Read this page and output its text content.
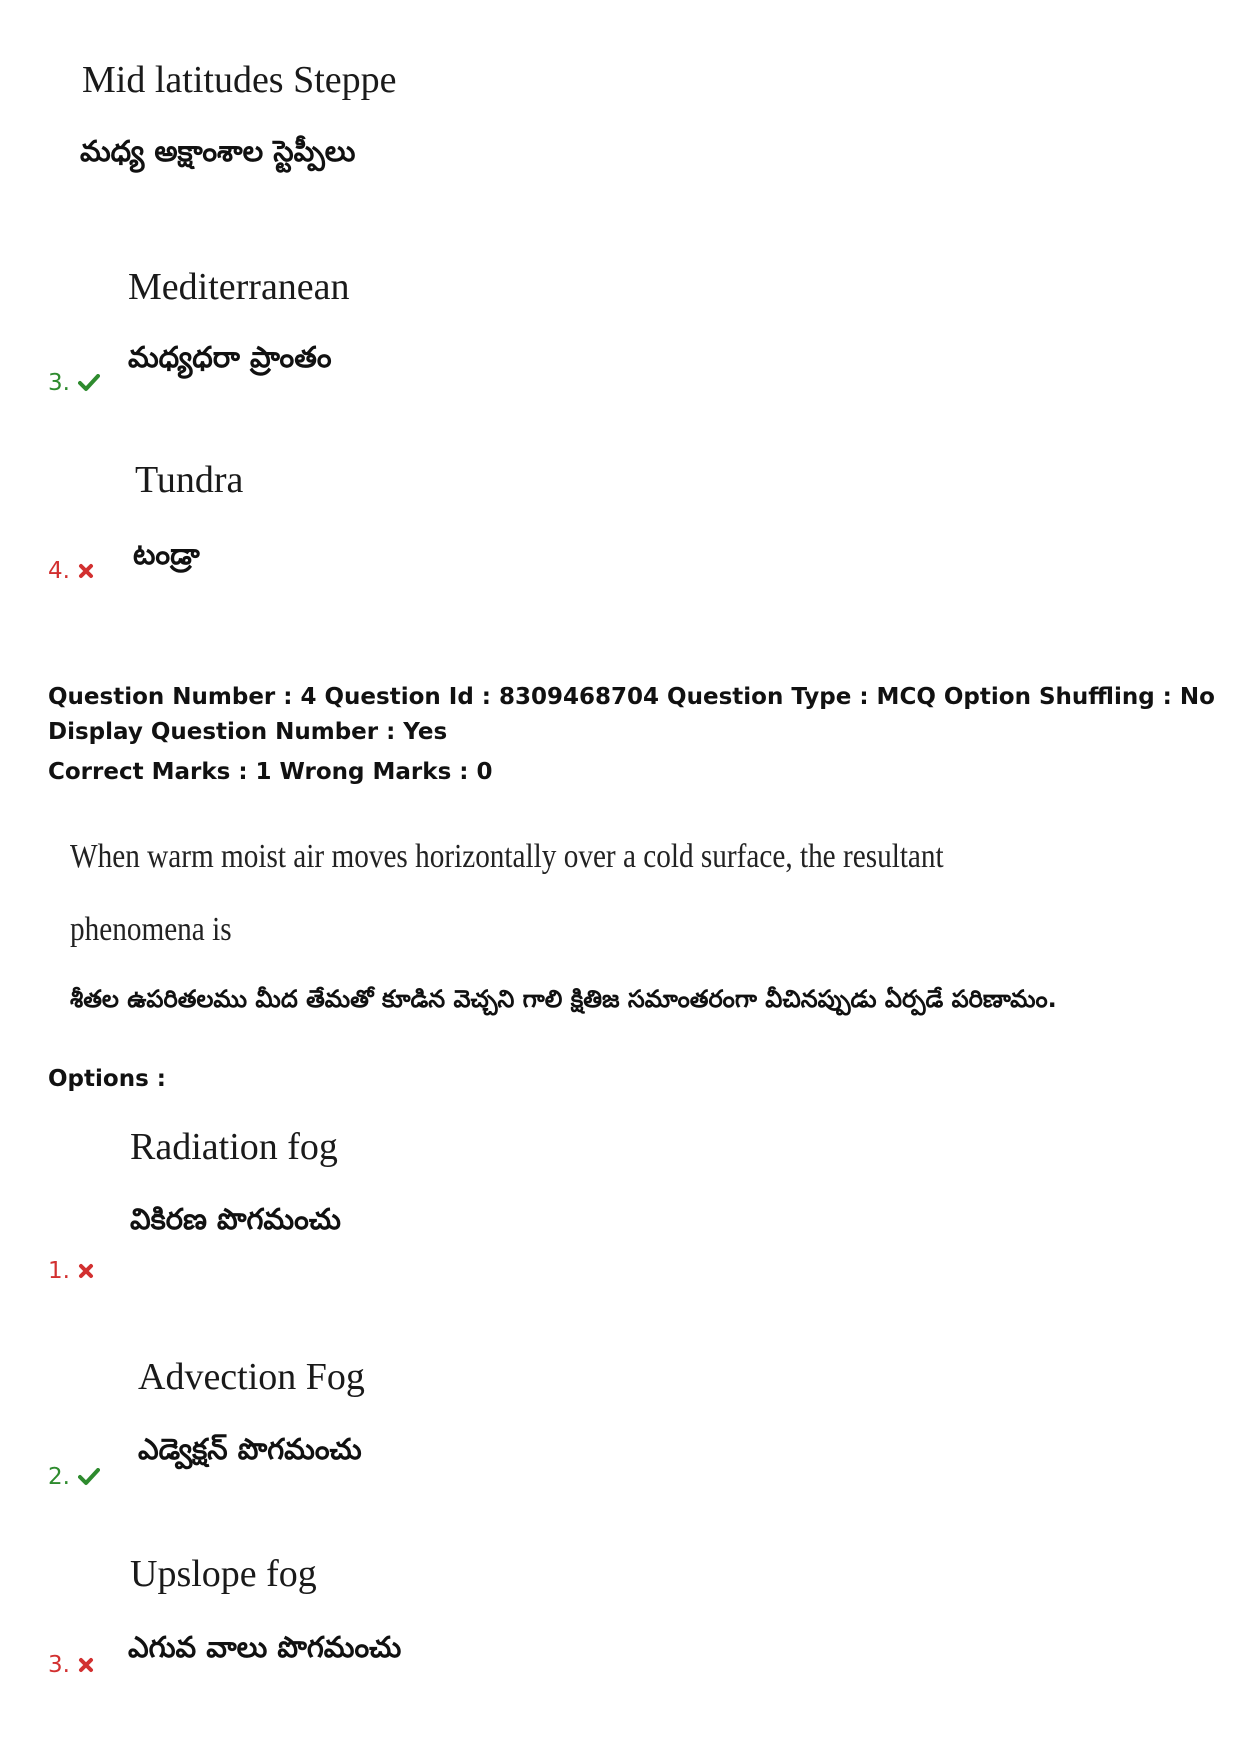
Mid latitudes Steppe

మధ్య అక్షాంశాల స్టెప్పీలు

Mediterranean

మధ్యధరా ప్రాంతం

3.

Tundra

టండ్రా

4.

Question Number : 4 Question Id : 8309468704 Question Type : MCQ Option Shuffling : No

Display Question Number : Yes

Correct Marks : 1 Wrong Marks : 0

When warm moist air moves horizontally over a cold surface, the resultant

phenomena is

శీతల ఉపరితలము మీద తేమతో కూడిన వెచ్చని గాలి క్షితిజ సమాంతరంగా వీచినప్పుడు ఏర్పడే పరిణామం.

Options :

Radiation fog

వికిరణ పొగమంచు

1.

Advection Fog

ఎడ్వెక్షన్ పొగమంచు

2.

Upslope fog

ఎగువ వాలు పొగమంచు

3.
